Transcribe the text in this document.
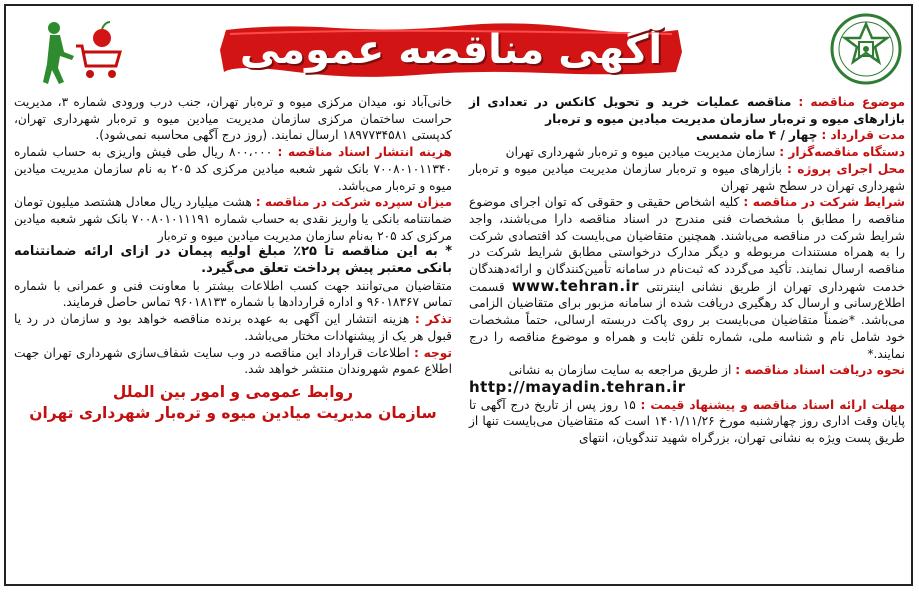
آگهی مناقصه عمومی
موضوع مناقصه : مناقصه عملیات خرید و تحویل کانکس در تعدادی از بازارهای میوه و تره‌بار سازمان مدیریت میادین میوه و تره‌بار
مدت قرارداد : چهار / ۴ ماه شمسی
دستگاه مناقصه‌گزار : سازمان مدیریت میادین میوه و تره‌بار شهرداری تهران
محل اجرای پروژه : بازارهای میوه و تره‌بار سازمان مدیریت میادین میوه و تره‌بار شهرداری تهران در سطح شهر تهران
شرایط شرکت در مناقصه : کلیه اشخاص حقیقی و حقوقی که توان اجرای موضوع مناقصه را مطابق با مشخصات فنی مندرج در اسناد مناقصه دارا می‌باشند، واجد شرایط شرکت در مناقصه می‌باشند. همچنین متقاضیان می‌بایست کد اقتصادی شرکت را به همراه مستندات مربوطه و دیگر مدارک درخواستی مطابق شرایط شرکت در مناقصه ارسال نمایند. تأکید می‌گردد که ثبت‌نام در سامانه تأمین‌کنندگان و ارائه‌دهندگان خدمت شهرداری تهران از طریق نشانی اینترنتی www.tehran.ir قسمت اطلاع‌رسانی و ارسال کد رهگیری دریافت شده از سامانه مزبور برای متقاضیان الزامی می‌باشد. *ضمناً متقاضیان می‌بایست بر روی پاکت دربسته ارسالی، حتماً مشخصات خود شامل نام و شناسه ملی، شماره تلفن ثابت و همراه و موضوع مناقصه را درج نمایند.*
نحوه دریافت اسناد مناقصه : از طریق مراجعه به سایت سازمان به نشانی
http://mayadin.tehran.ir
مهلت ارائه اسناد مناقصه و پیشنهاد قیمت : ۱۵ روز پس از تاریخ درج آگهی تا پایان وقت اداری روز چهارشنبه مورخ ۱۴۰۱/۱۱/۲۶ است که متقاضیان می‌بایست تنها از طریق پست ویژه به نشانی تهران، بزرگراه شهید تندگویان، انتهای
خانی‌آباد نو، میدان مرکزی میوه و تره‌بار تهران، جنب درب ورودی شماره ۳، مدیریت حراست ساختمان مرکزی سازمان مدیریت میادین میوه و تره‌بار شهرداری تهران، کدپستی ۱۸۹۷۷۳۴۵۸۱ ارسال نمایند. (روز درج آگهی محاسبه نمی‌شود).
هزینه انتشار اسناد مناقصه : ۸۰۰،۰۰۰ ریال طی فیش واریزی به حساب شماره ۷۰۰۸۰۱۰۱۱۳۴۰ بانک شهر شعبه میادین مرکزی کد ۲۰۵ به نام سازمان مدیریت میادین میوه و تره‌بار می‌باشد.
میزان سپرده شرکت در مناقصه : هشت میلیارد ریال معادل هشتصد میلیون تومان ضمانتنامه بانکی یا واریز نقدی به حساب شماره ۷۰۰۸۰۱۰۱۱۱۹۱ بانک شهر شعبه میادین مرکزی کد ۲۰۵ به‌نام سازمان مدیریت میادین میوه و تره‌بار
* به این مناقصه تا ۲۵٪ مبلغ اولیه پیمان در ازای ارائه ضمانتنامه بانکی معتبر پیش پرداخت تعلق می‌گیرد.
متقاضیان می‌توانند جهت کسب اطلاعات بیشتر با معاونت فنی و عمرانی با شماره تماس ۹۶۰۱۸۳۶۷ و اداره قراردادها با شماره ۹۶۰۱۸۱۳۳ تماس حاصل فرمایند.
تذکر : هزینه انتشار این آگهی به عهده برنده مناقصه خواهد بود و سازمان در رد یا قبول هر یک از پیشنهادات مختار می‌باشد.
توجه : اطلاعات قرارداد این مناقصه در وب سایت شفاف‌سازی شهرداری تهران جهت اطلاع عموم شهروندان منتشر خواهد شد.
روابط عمومی و امور بین الملل
سازمان مدیریت میادین میوه و تره‌بار شهرداری تهران
